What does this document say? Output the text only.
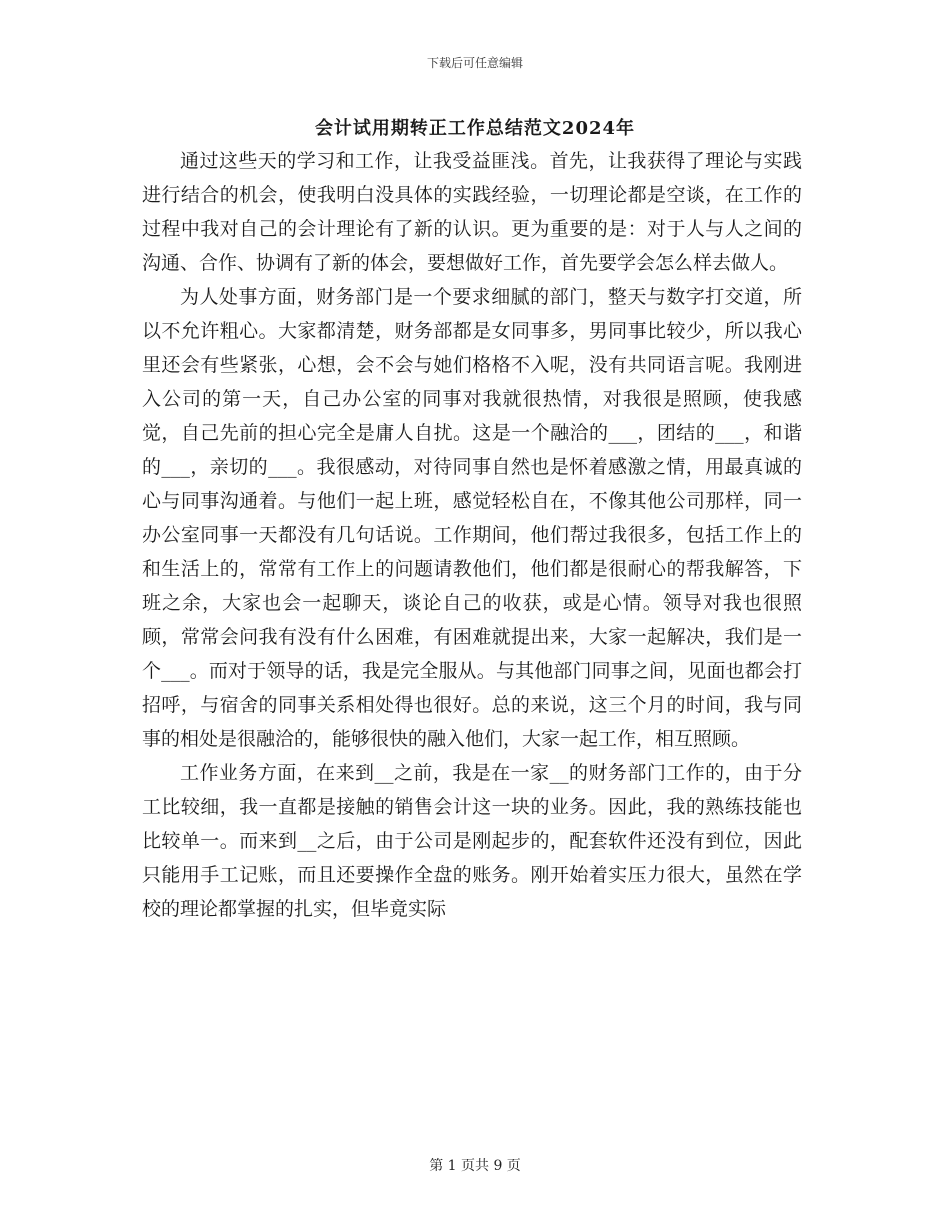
下载后可任意编辑
会计试用期转正工作总结范文2024年

通过这些天的学习和工作，让我受益匪浅。首先，让我获得了理论与实践进行结合的机会，使我明白没具体的实践经验，一切理论都是空谈，在工作的过程中我对自己的会计理论有了新的认识。更为重要的是：对于人与人之间的沟通、合作、协调有了新的体会，要想做好工作，首先要学会怎么样去做人。

为人处事方面，财务部门是一个要求细腻的部门，整天与数字打交道，所以不允许粗心。大家都清楚，财务部都是女同事多，男同事比较少，所以我心里还会有些紧张，心想，会不会与她们格格不入呢，没有共同语言呢。我刚进入公司的第一天，自己办公室的同事对我就很热情，对我很是照顾，使我感觉，自己先前的担心完全是庸人自扰。这是一个融洽的___，团结的___，和谐的___，亲切的___。我很感动，对待同事自然也是怀着感激之情，用最真诚的心与同事沟通着。与他们一起上班，感觉轻松自在，不像其他公司那样，同一办公室同事一天都没有几句话说。工作期间，他们帮过我很多，包括工作上的和生活上的，常常有工作上的问题请教他们，他们都是很耐心的帮我解答，下班之余，大家也会一起聊天，谈论自己的收获，或是心情。领导对我也很照顾，常常会问我有没有什么困难，有困难就提出来，大家一起解决，我们是一个___。而对于领导的话，我是完全服从。与其他部门同事之间，见面也都会打招呼，与宿舍的同事关系相处得也很好。总的来说，这三个月的时间，我与同事的相处是很融洽的，能够很快的融入他们，大家一起工作，相互照顾。

工作业务方面，在来到__之前，我是在一家__的财务部门工作的，由于分工比较细，我一直都是接触的销售会计这一块的业务。因此，我的熟练技能也比较单一。而来到__之后，由于公司是刚起步的，配套软件还没有到位，因此只能用手工记账，而且还要操作全盘的账务。刚开始着实压力很大，虽然在学校的理论都掌握的扎实，但毕竟实际

第 1 页共 9 页
